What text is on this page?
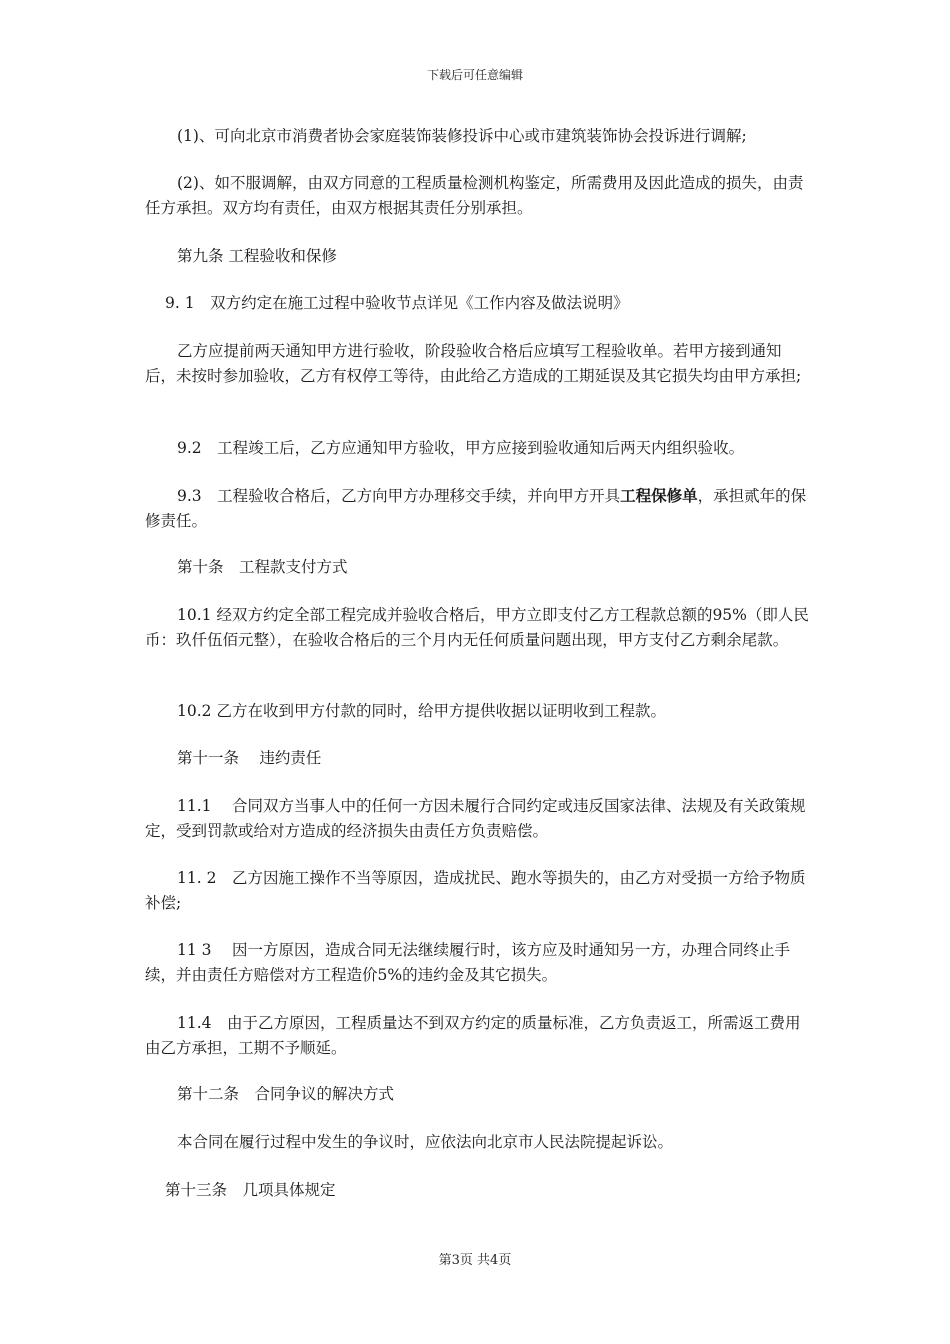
下载后可任意编辑

(1)、可向北京市消费者协会家庭装饰装修投诉中心或市建筑装饰协会投诉进行调解;

(2)、如不服调解，由双方同意的工程质量检测机构鉴定，所需费用及因此造成的损失，由责任方承担。双方均有责任，由双方根据其责任分别承担。

第九条 工程验收和保修

9. 1　双方约定在施工过程中验收节点详见《工作内容及做法说明》

乙方应提前两天通知甲方进行验收，阶段验收合格后应填写工程验收单。若甲方接到通知后，未按时参加验收，乙方有权停工等待，由此给乙方造成的工期延误及其它损失均由甲方承担;

9.2　工程竣工后，乙方应通知甲方验收，甲方应接到验收通知后两天内组织验收。

9.3　工程验收合格后，乙方向甲方办理移交手续，并向甲方开具工程保修单，承担贰年的保修责任。

第十条　工程款支付方式

10.1 经双方约定全部工程完成并验收合格后，甲方立即支付乙方工程款总额的95%（即人民币：玖仟伍佰元整），在验收合格后的三个月内无任何质量问题出现，甲方支付乙方剩余尾款。

10.2 乙方在收到甲方付款的同时，给甲方提供收据以证明收到工程款。

第十一条　 违约责任

11.1　 合同双方当事人中的任何一方因未履行合同约定或违反国家法律、法规及有关政策规定，受到罚款或给对方造成的经济损失由责任方负责赔偿。

11. 2　乙方因施工操作不当等原因，造成扰民、跑水等损失的，由乙方对受损一方给予物质补偿;

11 3　 因一方原因，造成合同无法继续履行时，该方应及时通知另一方，办理合同终止手续，并由责任方赔偿对方工程造价5%的违约金及其它损失。

11.4　由于乙方原因，工程质量达不到双方约定的质量标准，乙方负责返工，所需返工费用由乙方承担，工期不予顺延。

第十二条　合同争议的解决方式

本合同在履行过程中发生的争议时，应依法向北京市人民法院提起诉讼。

第十三条　几项具体规定

第3页 共4页
